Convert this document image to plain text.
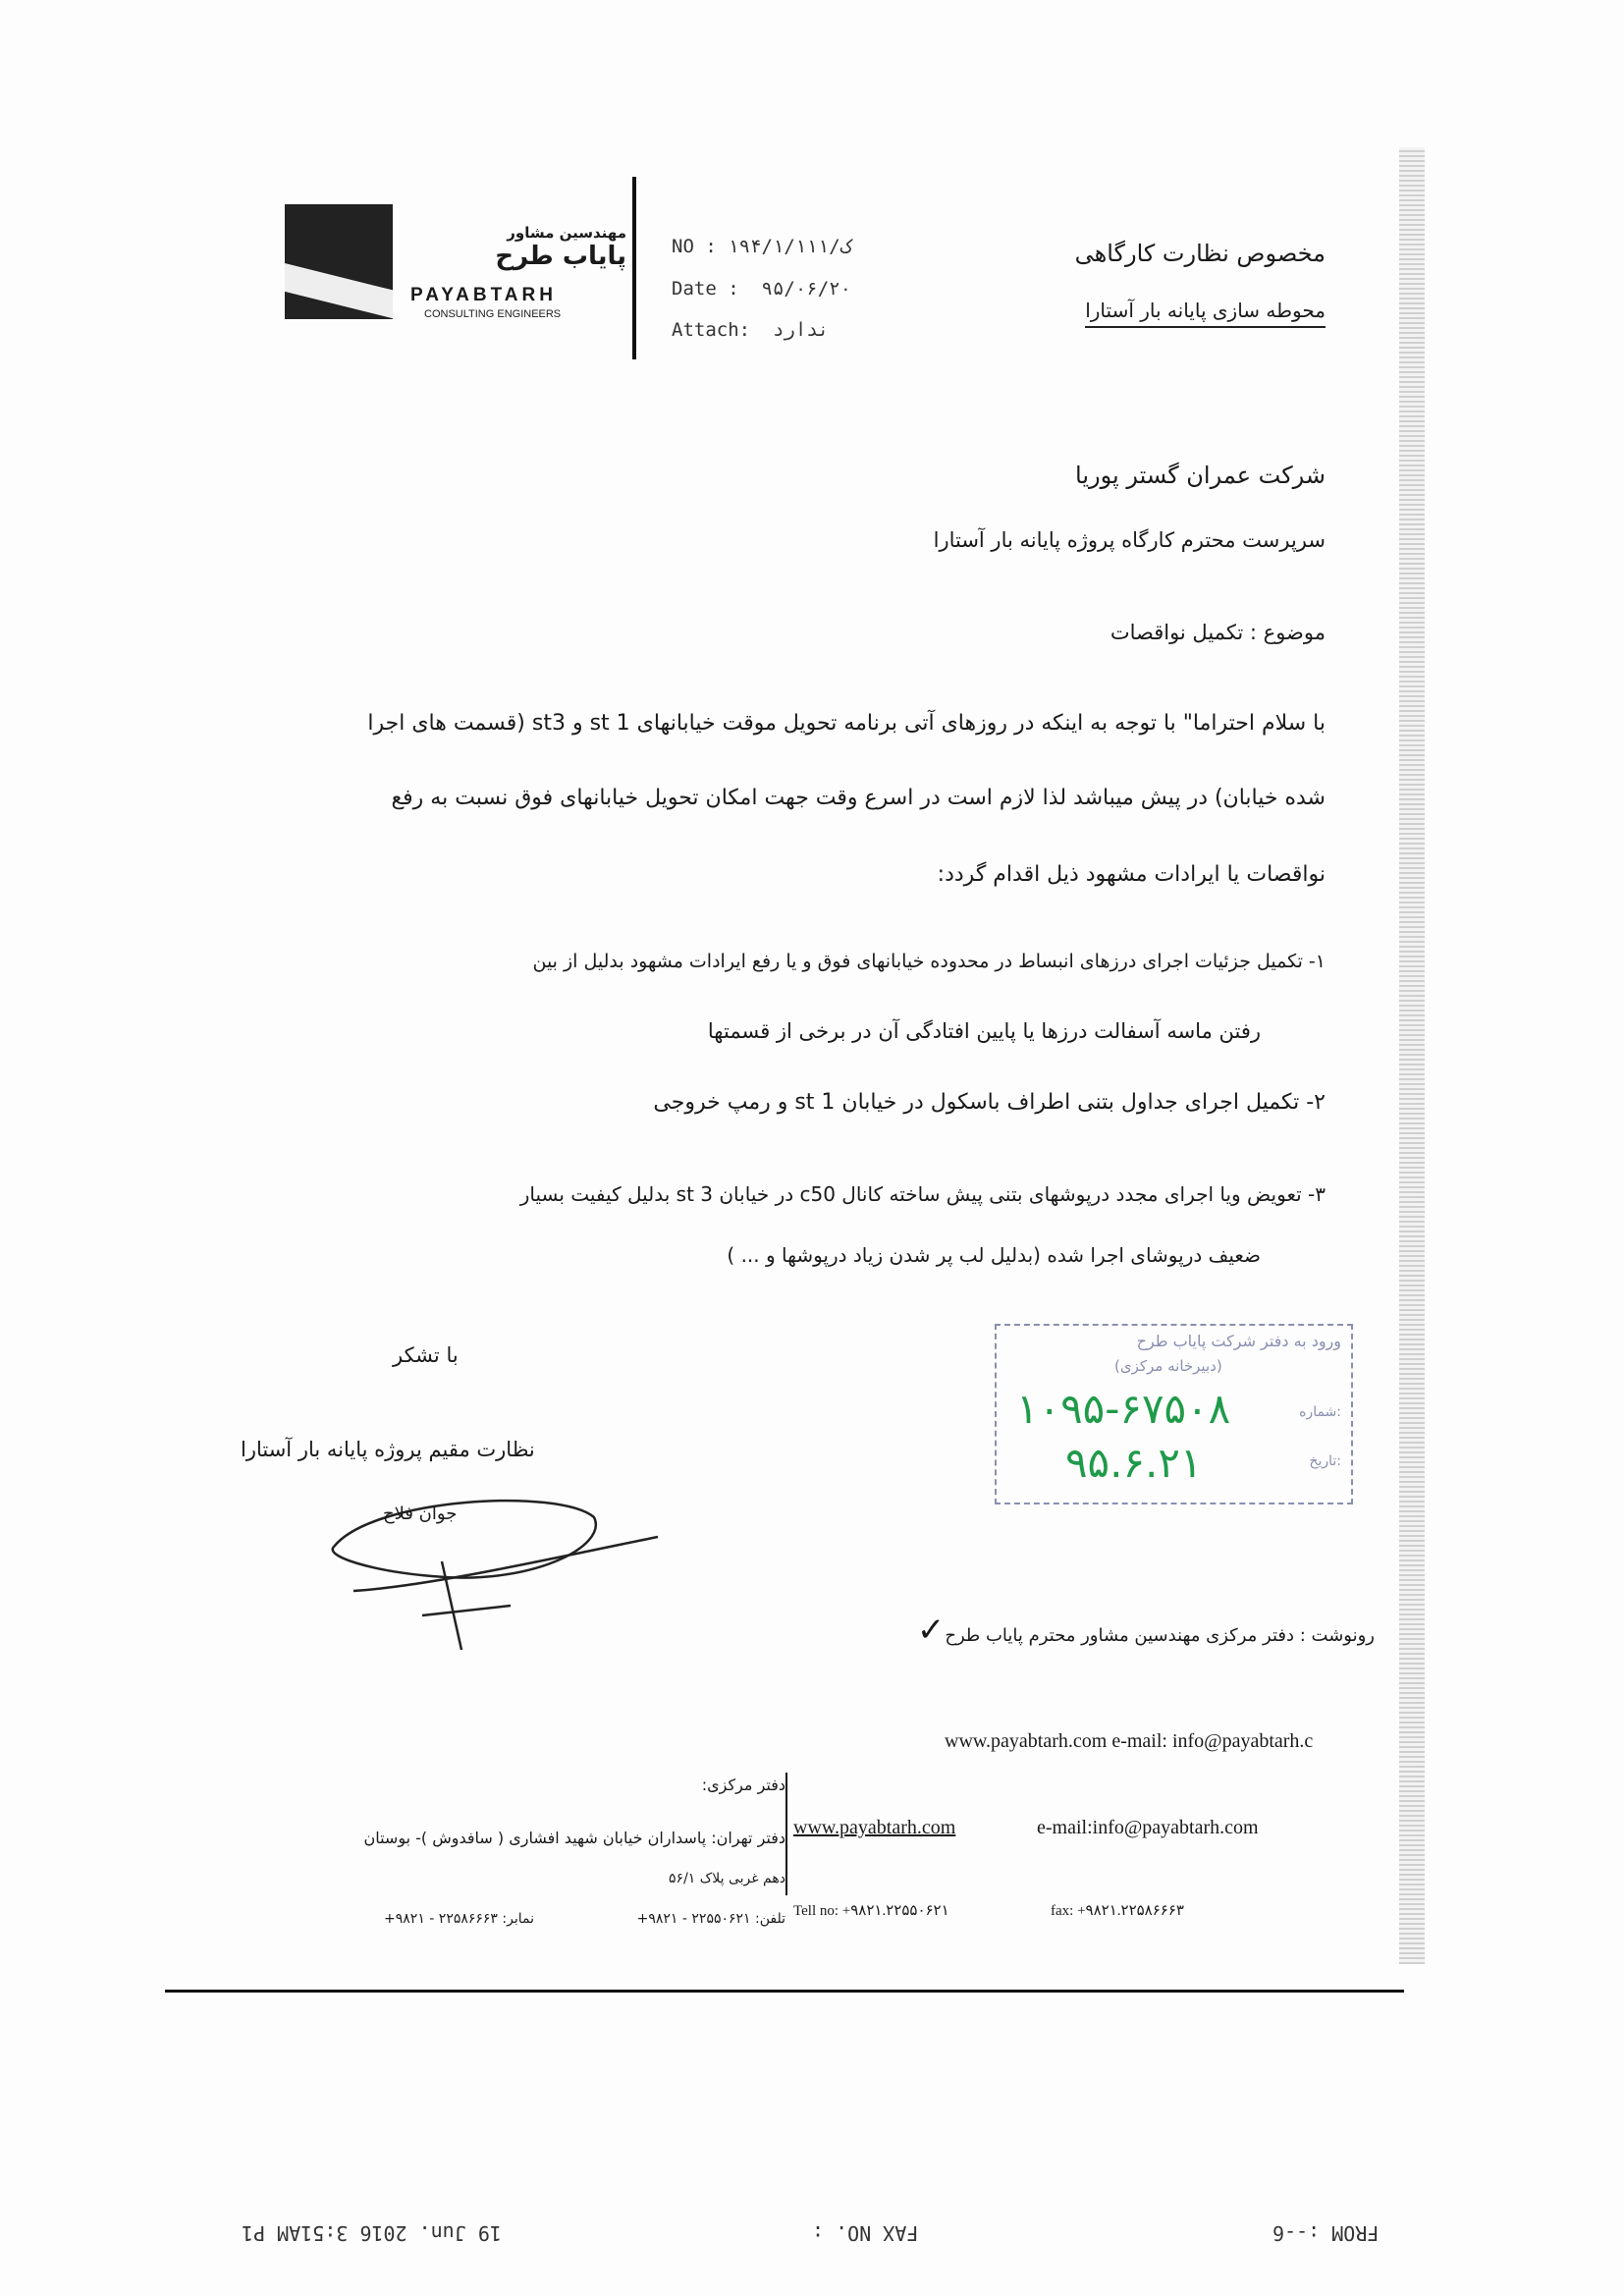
مهندسین مشاور
پایاب طرح
PAYABTARH
CONSULTING ENGINEERS
NO : ۱۹۴/۱/ک/۱۱۱
Date : ۹۵/۰۶/۲۰
Attach: ندارد
مخصوص نظارت کارگاهی
محوطه سازی پایانه بار آستارا
شرکت عمران گستر پوریا
سرپرست محترم کارگاه پروژه پایانه بار آستارا
موضوع : تکمیل نواقصات
با سلام احتراما" با توجه به اینکه در روزهای آتی برنامه تحویل موقت خیابانهای st 1 و st3 (قسمت های اجرا
شده خیابان) در پیش میباشد لذا لازم است در اسرع وقت جهت امکان تحویل خیابانهای فوق نسبت به رفع
نواقصات یا ایرادات مشهود ذیل اقدام گردد:
۱- تکمیل جزئیات اجرای درزهای انبساط در محدوده خیابانهای فوق و یا رفع ایرادات مشهود بدلیل از بین
رفتن ماسه آسفالت درزها یا پایین افتادگی آن در برخی از قسمتها
۲- تکمیل اجرای جداول بتنی اطراف باسکول در خیابان st 1 و رمپ خروجی
۳- تعویض ویا اجرای مجدد درپوشهای بتنی پیش ساخته کانال c50 در خیابان st 3 بدلیل کیفیت بسیار
ضعیف درپوشای اجرا شده (بدلیل لب پر شدن زیاد درپوشها و ... )
ورود به دفتر شرکت پایاب طرح
(دبیرخانه مرکزی)
شماره:
۱۰۹۵-۶۷۵۰۸
تاریخ:
۹۵.۶.۲۱
با تشکر
نظارت مقیم پروژه پایانه بار آستارا
جوان فلاح
رونوشت : دفتر مرکزی مهندسین مشاور محترم پایاب طرح✓
www.payabtarh.com e-mail: info@payabtarh.c
دفتر مرکزی:
دفتر تهران: پاسداران خیابان شهید افشاری ( سافدوش )- بوستان
دهم غربی پلاک ۵۶/۱
تلفن: ۲۲۵۵۰۶۲۱ - ۹۸۲۱+
نمابر: ۲۲۵۸۶۶۶۳ - ۹۸۲۱+
www.payabtarh.com	e-mail:info@payabtarh.com
Tell no: +۹۸۲۱.۲۲۵۵۰۶۲۱	fax: +۹۸۲۱.۲۲۵۸۶۶۶۳
FROM :--6
FAX NO. :
19 Jun. 2016 3:51AM P1
